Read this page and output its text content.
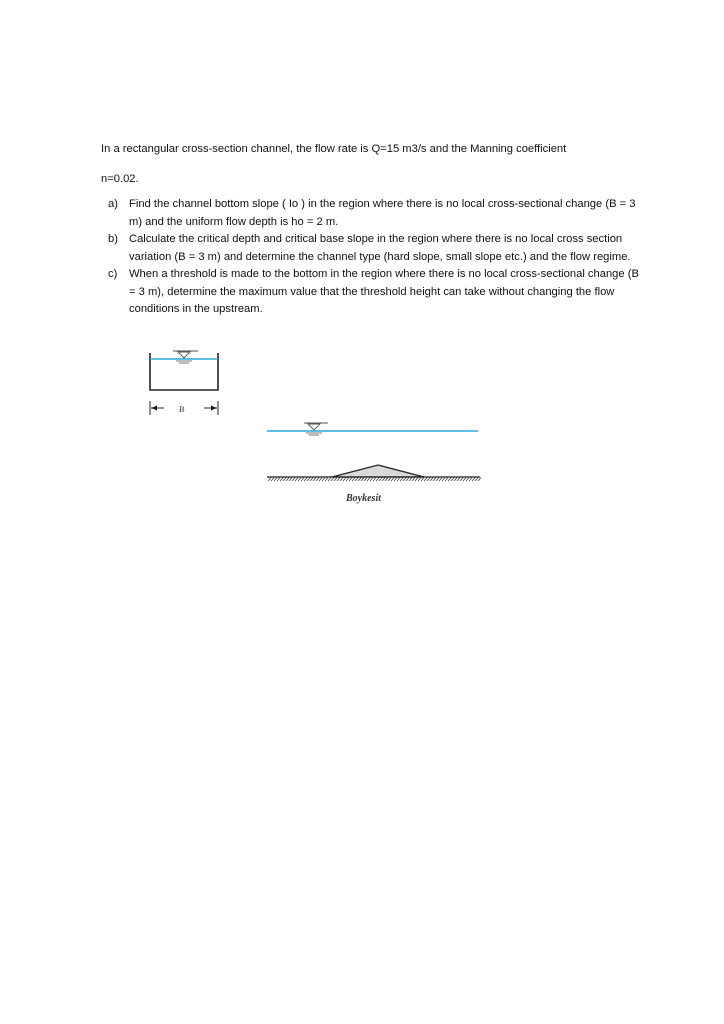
In a rectangular cross-section channel, the flow rate is Q=15 m3/s and the Manning coefficient
n=0.02.
a) Find the channel bottom slope ( Io ) in the region where there is no local cross-sectional change (B = 3 m) and the uniform flow depth is ho = 2 m.
b) Calculate the critical depth and critical base slope in the region where there is no local cross section variation (B = 3 m) and determine the channel type (hard slope, small slope etc.) and the flow regime.
c)	When a threshold is made to the bottom in the region where there is no local cross-sectional change (B = 3 m), determine the maximum value that the threshold height can take without changing the flow conditions in the upstream.
B
Boykesit
